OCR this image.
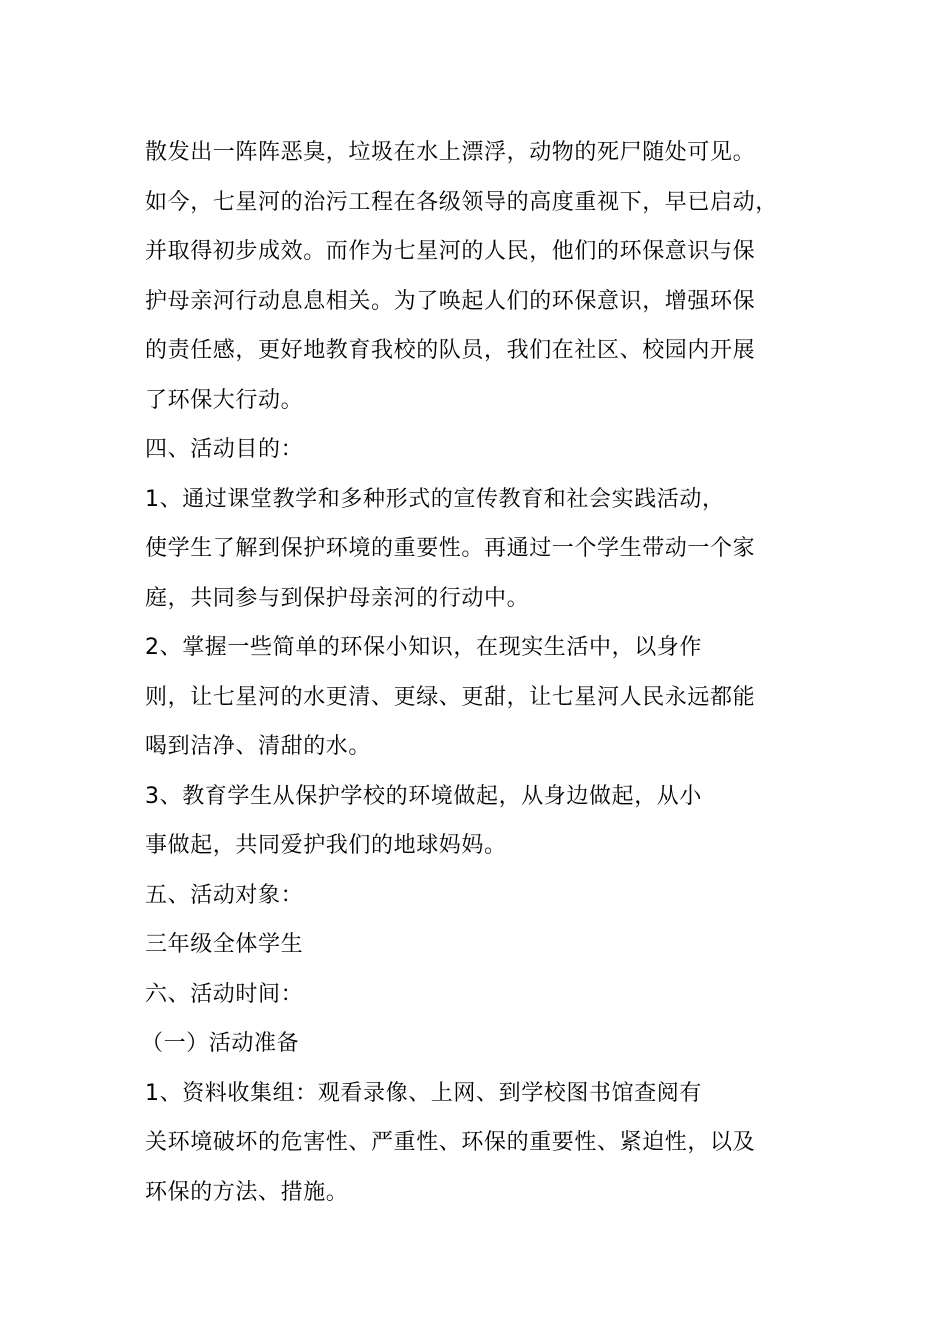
散发出一阵阵恶臭，垃圾在水上漂浮，动物的死尸随处可见。
如今，七星河的治污工程在各级领导的高度重视下，早已启动，
并取得初步成效。而作为七星河的人民，他们的环保意识与保
护母亲河行动息息相关。为了唤起人们的环保意识，增强环保
的责任感，更好地教育我校的队员，我们在社区、校园内开展
了环保大行动。
四、活动目的：
1、通过课堂教学和多种形式的宣传教育和社会实践活动，
使学生了解到保护环境的重要性。再通过一个学生带动一个家
庭，共同参与到保护母亲河的行动中。
2、掌握一些简单的环保小知识，在现实生活中，以身作
则，让七星河的水更清、更绿、更甜，让七星河人民永远都能
喝到洁净、清甜的水。
3、教育学生从保护学校的环境做起，从身边做起，从小
事做起，共同爱护我们的地球妈妈。
五、活动对象：
三年级全体学生
六、活动时间：
（一）活动准备
1、资料收集组：观看录像、上网、到学校图书馆查阅有
关环境破坏的危害性、严重性、环保的重要性、紧迫性，以及
环保的方法、措施。
